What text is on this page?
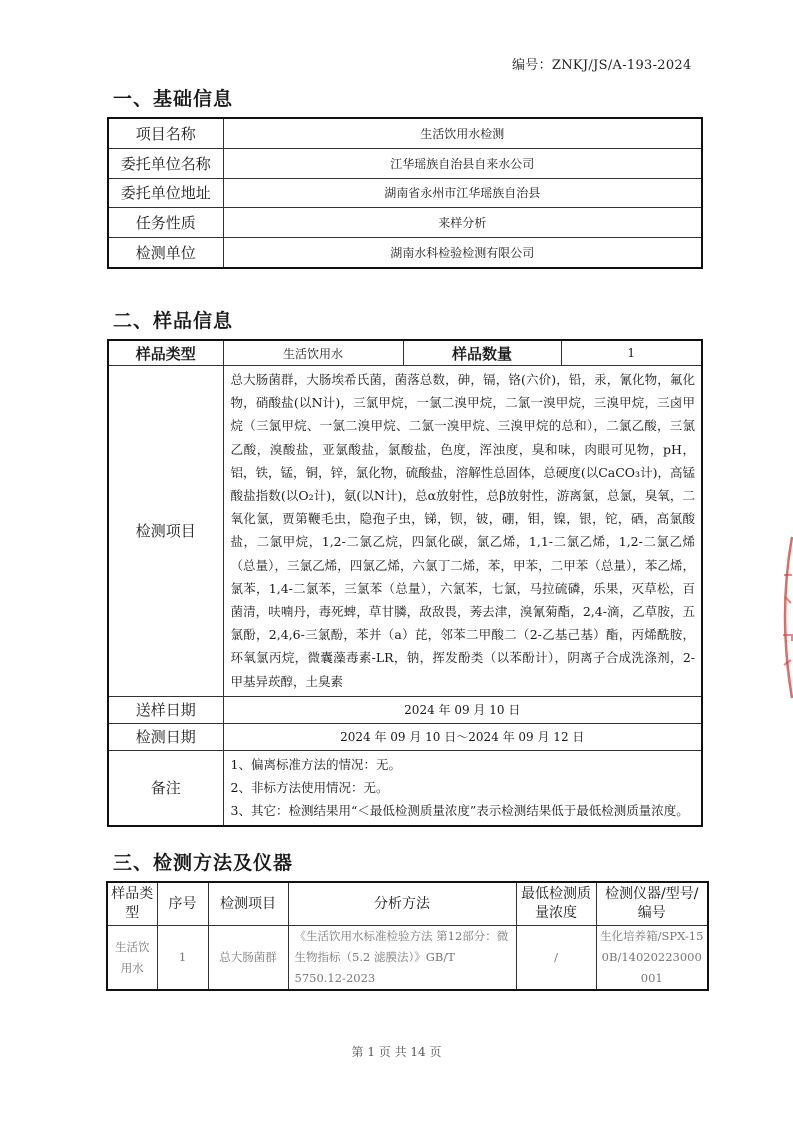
编号：ZNKJ/JS/A-193-2024
一、基础信息
项目名称	生活饮用水检测
委托单位名称	江华瑶族自治县自来水公司
委托单位地址	湖南省永州市江华瑶族自治县
任务性质	来样分析
检测单位	湖南水科检验检测有限公司
二、样品信息
样品类型	生活饮用水	样品数量	1
检测项目	总大肠菌群，大肠埃希氏菌，菌落总数，砷，镉，铬(六价)，铅，汞，氰化物，氟化物，硝酸盐(以N计)，三氯甲烷，一氯二溴甲烷，二氯一溴甲烷，三溴甲烷，三卤甲烷（三氯甲烷、一氯二溴甲烷、二氯一溴甲烷、三溴甲烷的总和），二氯乙酸，三氯乙酸，溴酸盐，亚氯酸盐，氯酸盐，色度，浑浊度，臭和味，肉眼可见物，pH，铝，铁，锰，铜，锌，氯化物，硫酸盐，溶解性总固体，总硬度(以CaCO₃计)，高锰酸盐指数(以O₂计)，氨(以N计)，总α放射性，总β放射性，游离氯，总氯，臭氧，二氧化氯，贾第鞭毛虫，隐孢子虫，锑，钡，铍，硼，钼，镍，银，铊，硒，高氯酸盐，二氯甲烷，1,2-二氯乙烷，四氯化碳，氯乙烯，1,1-二氯乙烯，1,2-二氯乙烯（总量），三氯乙烯，四氯乙烯，六氯丁二烯，苯，甲苯，二甲苯（总量），苯乙烯，氯苯，1,4-二氯苯，三氯苯（总量），六氯苯，七氯，马拉硫磷，乐果，灭草松，百菌清，呋喃丹，毒死蜱，草甘膦，敌敌畏，莠去津，溴氰菊酯，2,4-滴，乙草胺，五氯酚，2,4,6-三氯酚，苯并（a）芘，邻苯二甲酸二（2-乙基己基）酯，丙烯酰胺，环氧氯丙烷，微囊藻毒素-LR，钠，挥发酚类（以苯酚计），阴离子合成洗涤剂，2-甲基异莰醇，土臭素		
送样日期	2024 年 09 月 10 日		
检测日期	2024 年 09 月 10 日～2024 年 09 月 12 日		
备注	1、偏离标准方法的情况：无。
2、非标方法使用情况：无。
3、其它：检测结果用“＜最低检测质量浓度”表示检测结果低于最低检测质量浓度。		
三、检测方法及仪器
样品类型	序号	检测项目	分析方法	最低检测质量浓度	检测仪器/型号/编号
生活饮用水	1	总大肠菌群	《生活饮用水标准检验方法 第12部分：微生物指标（5.2 滤膜法）》GB/T 5750.12-2023	/	生化培养箱/SPX-150B/14020223000001
第 1 页 共 14 页
